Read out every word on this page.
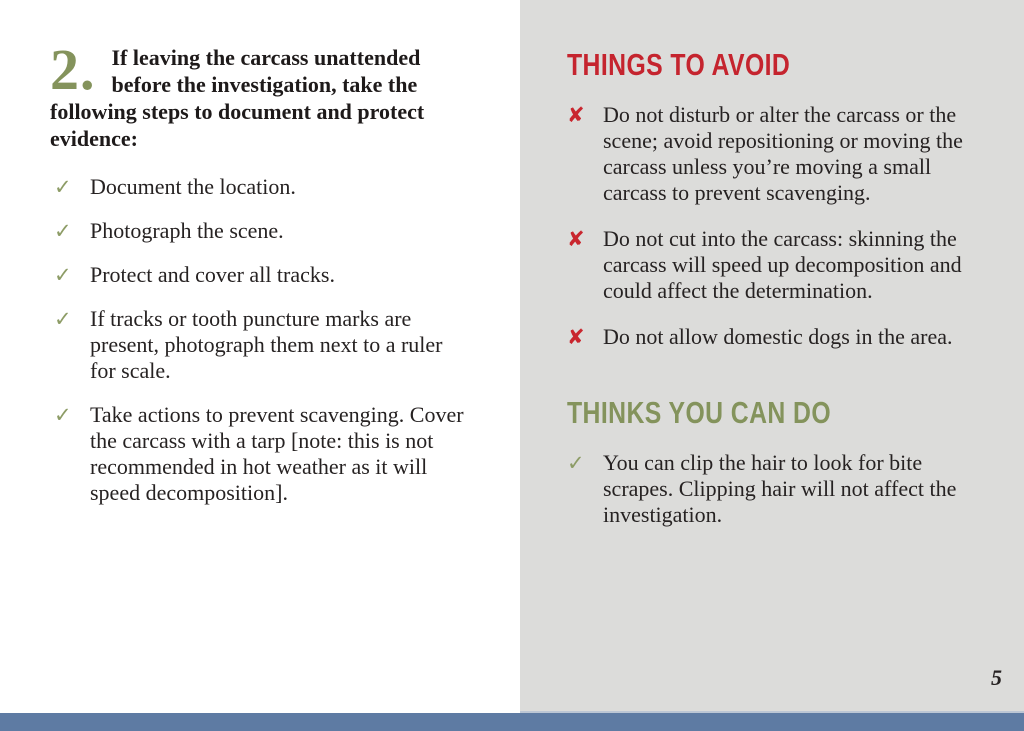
2. If leaving the carcass unattended before the investigation, take the following steps to document and protect evidence:
✓ Document the location.
✓ Photograph the scene.
✓ Protect and cover all tracks.
✓ If tracks or tooth puncture marks are present, photograph them next to a ruler for scale.
✓ Take actions to prevent scavenging. Cover the carcass with a tarp [note: this is not recommended in hot weather as it will speed decomposition].
THINGS TO AVOID
✘ Do not disturb or alter the carcass or the scene; avoid repositioning or moving the carcass unless you’re moving a small carcass to prevent scavenging.
✘ Do not cut into the carcass: skinning the carcass will speed up decomposition and could affect the determination.
✘ Do not allow domestic dogs in the area.
THINKS YOU CAN DO
✓ You can clip the hair to look for bite scrapes. Clipping hair will not affect the investigation.
5
